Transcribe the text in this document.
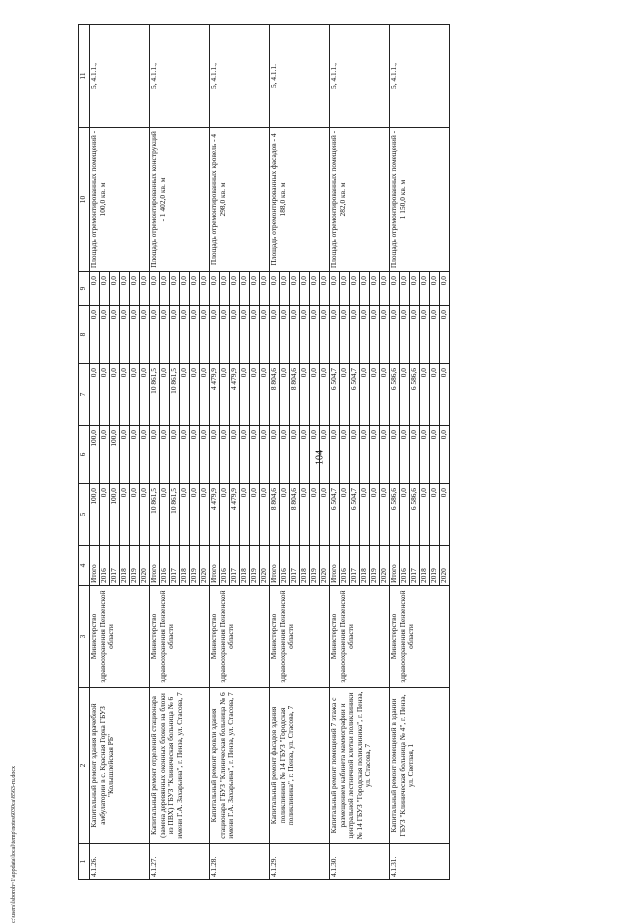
104
c:\users\lsboroh~1\appdata\local\temp\notes6030ca\8563-ru.docx	1	2	3	4	5	6	7	8	9	10	11
4.1.26.	Капитальный ремонт здания врачебной амбулатории в с. Красная Горка ГБУЗ "Колышлейская РБ"	Министерство здравоохранения Пензенской области	Итого	100,0	100,0	0,0	0,0	0,0	Площадь отремонтированных помещений - 100,0 кв. м	5, 4.1.1.,
			2016	0,0	0,0	0,0	0,0	0,0		
			2017	100,0	100,0	0,0	0,0	0,0		
			2018	0,0	0,0	0,0	0,0	0,0		
			2019	0,0	0,0	0,0	0,0	0,0		
			2020	0,0	0,0	0,0	0,0	0,0		
4.1.27.	Капитальный ремонт отделений стационара (замена деревянных оконных блоков на блоки из ПВХ) ГБУЗ "Клиническая больница № 6 имени Г.А. Захарьина", г. Пенза, ул. Стасова, 7	Министерство здравоохранения Пензенской области	Итого	10 861,5	0,0	10 861,5	0,0	0,0	Площадь отремонтированных конструкций - 1 402,0 кв. м	5, 4.1.1.,
			2016	0,0	0,0	0,0	0,0	0,0		
			2017	10 861,5	0,0	10 861,5	0,0	0,0		
			2018	0,0	0,0	0,0	0,0	0,0		
			2019	0,0	0,0	0,0	0,0	0,0		
			2020	0,0	0,0	0,0	0,0	0,0		
4.1.28.	Капитальный ремонт кровли здания стационара ГБУЗ "Клиническая больница № 6 имени Г.А. Захарьина", г. Пенза, ул. Стасова, 7	Министерство здравоохранения Пензенской области	Итого	4 479,9	0,0	4 479,9	0,0	0,0	Площадь отремонтированных кровель - 4 298,0 кв. м	5, 4.1.1.,
			2016	0,0	0,0	0,0	0,0	0,0		
			2017	4 479,9	0,0	4 479,9	0,0	0,0		
			2018	0,0	0,0	0,0	0,0	0,0		
			2019	0,0	0,0	0,0	0,0	0,0		
			2020	0,0	0,0	0,0	0,0	0,0		
4.1.29.	Капитальный ремонт фасадов здания поликлиники № 14 ГБУЗ "Городская поликлиника", г. Пенза, ул. Стасова, 7	Министерство здравоохранения Пензенской области	Итого	8 804,6	0,0	8 804,6	0,0	0,0	Площадь отремонтированных фасадов - 4 188,0 кв. м	5, 4.1.1.
			2016	0,0	0,0	0,0	0,0	0,0		
			2017	8 804,6	0,0	8 804,6	0,0	0,0		
			2018	0,0	0,0	0,0	0,0	0,0		
			2019	0,0	0,0	0,0	0,0	0,0		
			2020	0,0	0,0	0,0	0,0	0,0		
4.1.30.	Капитальный ремонт помещений 7 этажа с размещением кабинета маммографии и центральной лестничной клетки поликлиники № 14 ГБУЗ "Городская поликлиника", г. Пенза, ул. Стасова, 7	Министерство здравоохранения Пензенской области	Итого	6 504,7	0,0	6 504,7	0,0	0,0	Площадь отремонтированных помещений - 282,0 кв. м	5, 4.1.1.,
			2016	0,0	0,0	0,0	0,0	0,0		
			2017	6 504,7	0,0	6 504,7	0,0	0,0		
			2018	0,0	0,0	0,0	0,0	0,0		
			2019	0,0	0,0	0,0	0,0	0,0		
			2020	0,0	0,0	0,0	0,0	0,0		
4.1.31.	Капитальный ремонт помещений в здании ГБУЗ "Клиническая больница № 4", г. Пенза, ул. Светлая, 1	Министерство здравоохранения Пензенской области	Итого	6 586,6	0,0	6 586,6	0,0	0,0	Площадь отремонтированных помещений - 1 150,0 кв. м	5, 4.1.1.,
			2016	0,0	0,0	0,0	0,0	0,0		
			2017	6 586,6	0,0	6 586,6	0,0	0,0		
			2018	0,0	0,0	0,0	0,0	0,0		
			2019	0,0	0,0	0,0	0,0	0,0		
			2020	0,0	0,0	0,0	0,0	0,0		
